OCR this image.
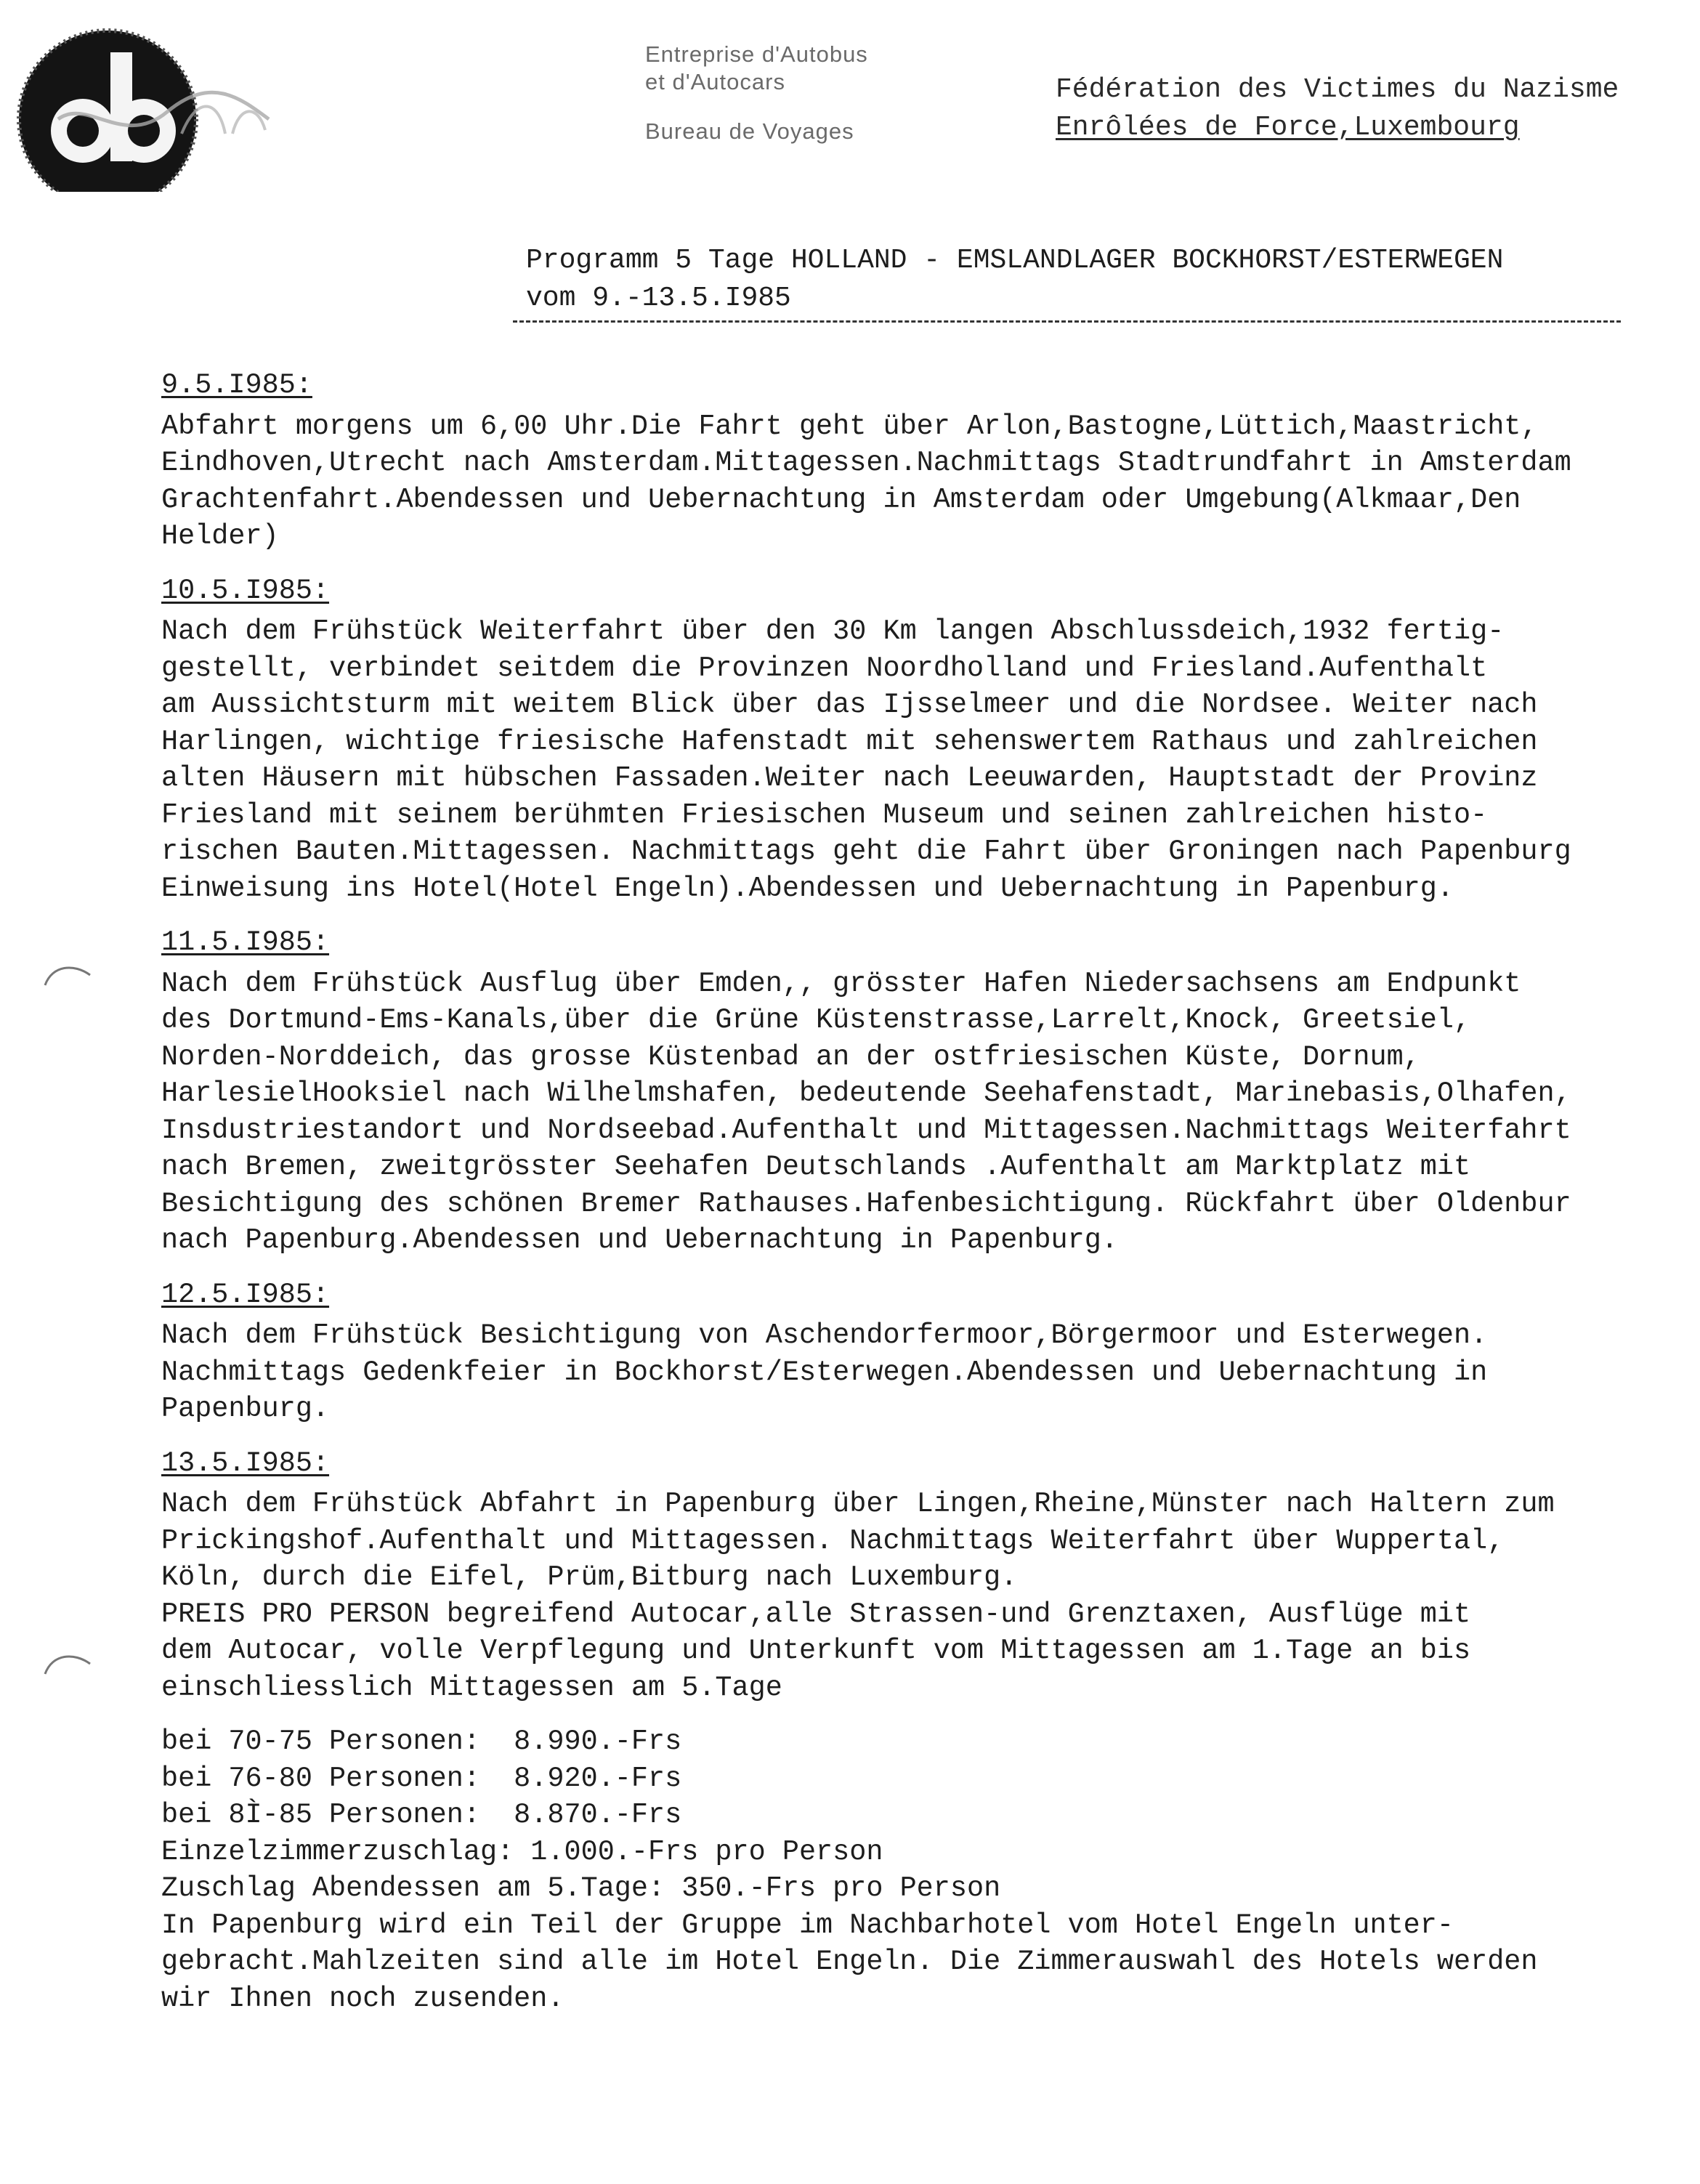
Entreprise d'Autobus
et d'Autocars
Bureau de Voyages
Fédération des Victimes du Nazisme
Enrôlées de Force,Luxembourg
Programm 5 Tage HOLLAND - EMSLANDLAGER BOCKHORST/ESTERWEGEN
vom 9.-13.5.I985
9.5.I985:

Abfahrt morgens um 6,00 Uhr.Die Fahrt geht über Arlon,Bastogne,Lüttich,Maastricht,
Eindhoven,Utrecht nach Amsterdam.Mittagessen.Nachmittags Stadtrundfahrt in Amsterdam
Grachtenfahrt.Abendessen und Uebernachtung in Amsterdam oder Umgebung(Alkmaar,Den
Helder)

10.5.I985:

Nach dem Frühstück Weiterfahrt über den 30 Km langen Abschlussdeich,1932 fertig-
gestellt, verbindet seitdem die Provinzen Noordholland und Friesland.Aufenthalt
am Aussichtsturm mit weitem Blick über das Ijsselmeer und die Nordsee. Weiter nach
Harlingen, wichtige friesische Hafenstadt mit sehenswertem Rathaus und zahlreichen
alten Häusern mit hübschen Fassaden.Weiter nach Leeuwarden, Hauptstadt der Provinz
Friesland mit seinem berühmten Friesischen Museum und seinen zahlreichen histo-
rischen Bauten.Mittagessen. Nachmittags geht die Fahrt über Groningen nach Papenburg
Einweisung ins Hotel(Hotel Engeln).Abendessen und Uebernachtung in Papenburg.

11.5.I985:

Nach dem Frühstück Ausflug über Emden,, grösster Hafen Niedersachsens am Endpunkt
des Dortmund-Ems-Kanals,über die Grüne Küstenstrasse,Larrelt,Knock, Greetsiel,
Norden-Norddeich, das grosse Küstenbad an der ostfriesischen Küste, Dornum,
HarlesielHooksiel nach Wilhelmshafen, bedeutende Seehafenstadt, Marinebasis,Olhafen,
Insdustriestandort und Nordseebad.Aufenthalt und Mittagessen.Nachmittags Weiterfahrt
nach Bremen, zweitgrösster Seehafen Deutschlands .Aufenthalt am Marktplatz mit
Besichtigung des schönen Bremer Rathauses.Hafenbesichtigung. Rückfahrt über Oldenbur
nach Papenburg.Abendessen und Uebernachtung in Papenburg.

12.5.I985:

Nach dem Frühstück Besichtigung von Aschendorfermoor,Börgermoor und Esterwegen.
Nachmittags Gedenkfeier in Bockhorst/Esterwegen.Abendessen und Uebernachtung in
Papenburg.

13.5.I985:

Nach dem Frühstück Abfahrt in Papenburg über Lingen,Rheine,Münster nach Haltern zum
Prickingshof.Aufenthalt und Mittagessen. Nachmittags Weiterfahrt über Wuppertal,
Köln, durch die Eifel, Prüm,Bitburg nach Luxemburg.

PREIS PRO PERSON begreifend Autocar,alle Strassen-und Grenztaxen, Ausflüge mit
dem Autocar, volle Verpflegung und Unterkunft vom Mittagessen am 1.Tage an bis
einschliesslich Mittagessen am 5.Tage

bei 70-75 Personen:  8.990.-Frs

bei 76-80 Personen:  8.920.-Frs

bei 8Ì-85 Personen:  8.870.-Frs

Einzelzimmerzuschlag: 1.000.-Frs pro Person

Zuschlag Abendessen am 5.Tage: 350.-Frs pro Person

In Papenburg wird ein Teil der Gruppe im Nachbarhotel vom Hotel Engeln unter-
gebracht.Mahlzeiten sind alle im Hotel Engeln. Die Zimmerauswahl des Hotels werden
wir Ihnen noch zusenden.
